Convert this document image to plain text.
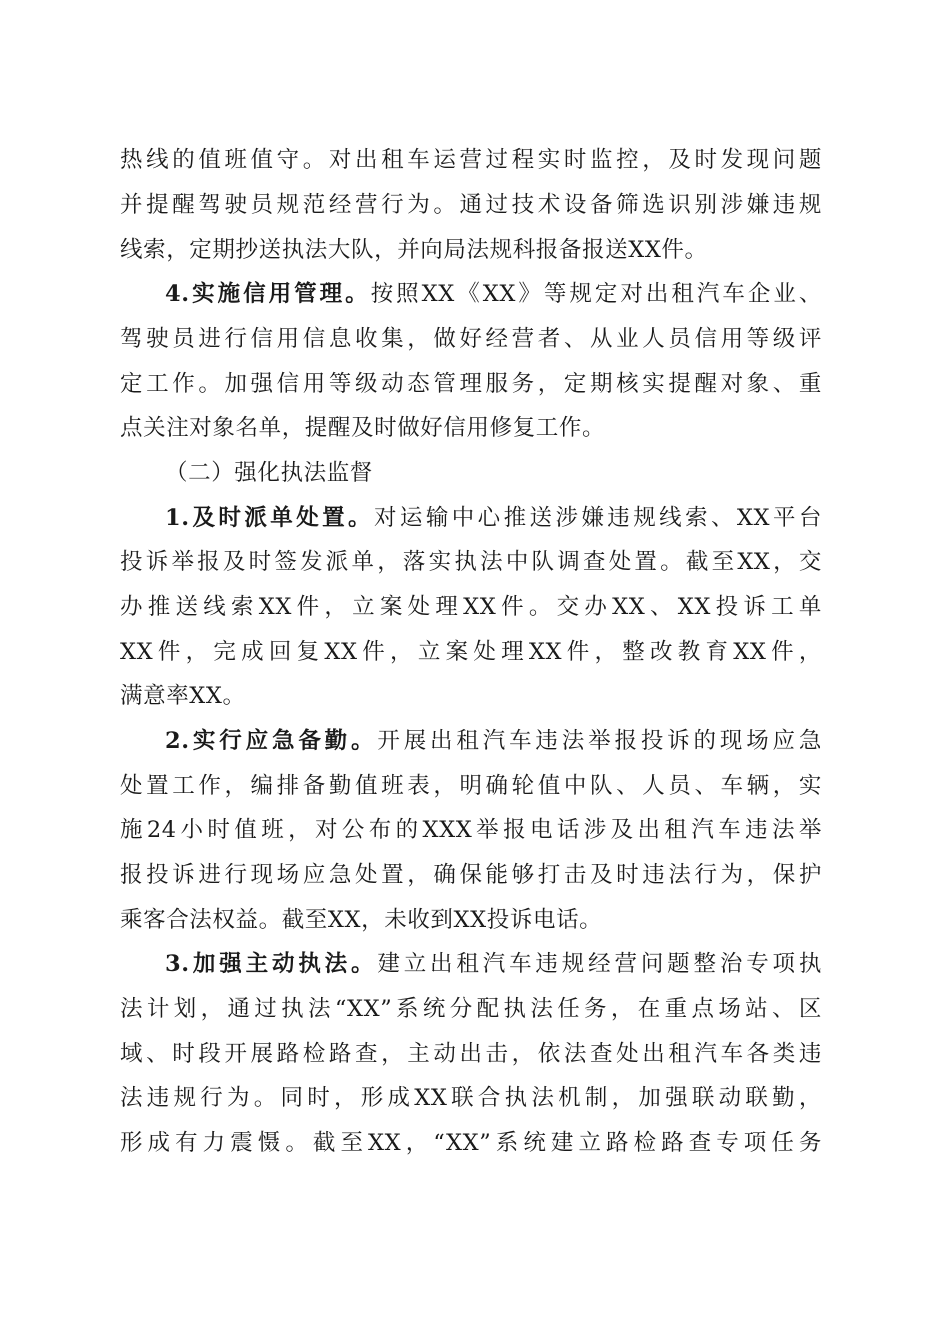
热线的值班值守。对出租车运营过程实时监控，及时发现问题
并提醒驾驶员规范经营行为。通过技术设备筛选识别涉嫌违规
线索，定期抄送执法大队，并向局法规科报备报送XX件。
4.实施信用管理。按照XX《XX》等规定对出租汽车企业、
驾驶员进行信用信息收集，做好经营者、从业人员信用等级评
定工作。加强信用等级动态管理服务，定期核实提醒对象、重
点关注对象名单，提醒及时做好信用修复工作。
（二）强化执法监督
1.及时派单处置。对运输中心推送涉嫌违规线索、XX平台
投诉举报及时签发派单，落实执法中队调查处置。截至XX，交
办推送线索XX件，立案处理XX件。交办XX、XX投诉工单
XX件，完成回复XX件，立案处理XX件，整改教育XX件，
满意率XX。
2.实行应急备勤。开展出租汽车违法举报投诉的现场应急
处置工作，编排备勤值班表，明确轮值中队、人员、车辆，实
施24小时值班，对公布的XXX举报电话涉及出租汽车违法举
报投诉进行现场应急处置，确保能够打击及时违法行为，保护
乘客合法权益。截至XX，未收到XX投诉电话。
3.加强主动执法。建立出租汽车违规经营问题整治专项执
法计划，通过执法“XX”系统分配执法任务，在重点场站、区
域、时段开展路检路查，主动出击，依法查处出租汽车各类违
法违规行为。同时，形成XX联合执法机制，加强联动联勤，
形成有力震慑。截至XX，“XX”系统建立路检路查专项任务
